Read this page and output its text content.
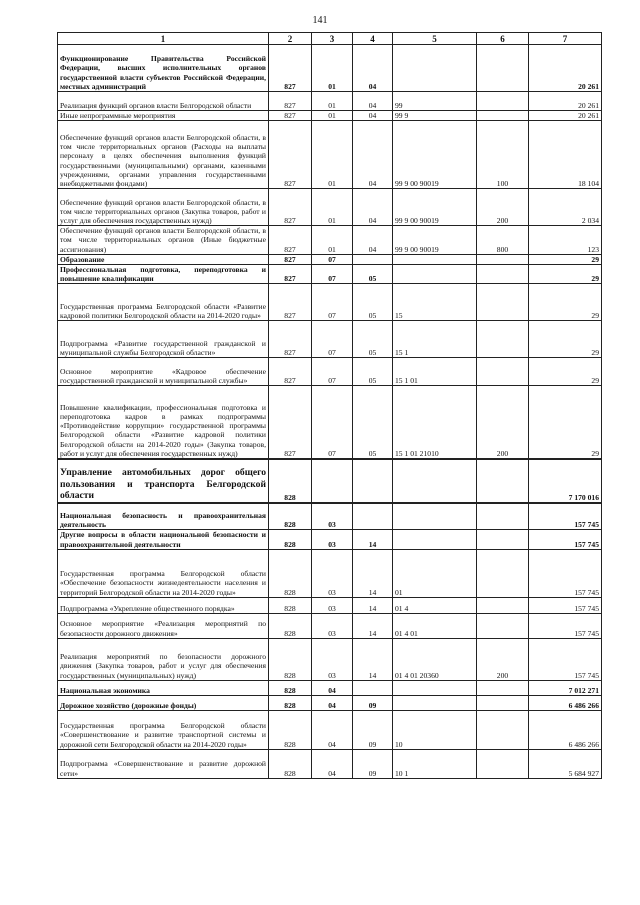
141
1	2	3	4	5	6	7
Функционирование Правительства Российской Федерации, высших исполнительных органов государственной власти субъектов Российской Федерации, местных администраций	827	01	04			20 261
Реализация функций органов власти Белгородской области	827	01	04	99		20 261
Иные непрограммные мероприятия	827	01	04	99 9		20 261
Обеспечение функций органов власти Белгородской области, в том числе территориальных органов (Расходы на выплаты персоналу в целях обеспечения выполнения функций государственными (муниципальными) органами, казенными учреждениями, органами управления государственными внебюджетными фондами)	827	01	04	99 9 00 90019	100	18 104
Обеспечение функций органов власти Белгородской области, в том числе территориальных органов (Закупка товаров, работ и услуг для обеспечения государственных нужд)	827	01	04	99 9 00 90019	200	2 034
Обеспечение функций органов власти Белгородской области, в том числе территориальных органов (Иные бюджетные ассигнования)	827	01	04	99 9 00 90019	800	123
Образование	827	07				29
Профессиональная подготовка, переподготовка и повышение квалификации	827	07	05			29
Государственная программа Белгородской области «Развитие кадровой политики Белгородской области на 2014-2020 годы»	827	07	05	15		29
Подпрограмма «Развитие государственной гражданской и муниципальной службы Белгородской области»	827	07	05	15 1		29
Основное мероприятие «Кадровое обеспечение государственной гражданской и муниципальной службы»	827	07	05	15 1 01		29
Повышение квалификации, профессиональная подготовка и переподготовка кадров в рамках подпрограммы «Противодействие коррупции» государственной программы Белгородской области «Развитие кадровой политики Белгородской области на 2014-2020 годы» (Закупка товаров, работ и услуг для обеспечения государственных нужд)	827	07	05	15 1 01 21010	200	29
Управление автомобильных дорог общего пользования и транспорта Белгородской области	828					7 170 016
Национальная безопасность и правоохранительная деятельность	828	03				157 745
Другие вопросы в области национальной безопасности и правоохранительной деятельности	828	03	14			157 745
Государственная программа Белгородской области «Обеспечение безопасности жизнедеятельности населения и территорий Белгородской области на 2014-2020 годы»	828	03	14	01		157 745
Подпрограмма «Укрепление общественного порядка»	828	03	14	01 4		157 745
Основное мероприятие «Реализация мероприятий по безопасности дорожного движения»	828	03	14	01 4 01		157 745
Реализация мероприятий по безопасности дорожного движения (Закупка товаров, работ и услуг для обеспечения государственных (муниципальных) нужд)	828	03	14	01 4 01 20360	200	157 745
Национальная экономика	828	04				7 012 271
Дорожное хозяйство (дорожные фонды)	828	04	09			6 486 266
Государственная программа Белгородской области «Совершенствование и развитие транспортной системы и дорожной сети Белгородской области на 2014-2020 годы»	828	04	09	10		6 486 266
Подпрограмма «Совершенствование и развитие дорожной сети»	828	04	09	10 1		5 684 927
